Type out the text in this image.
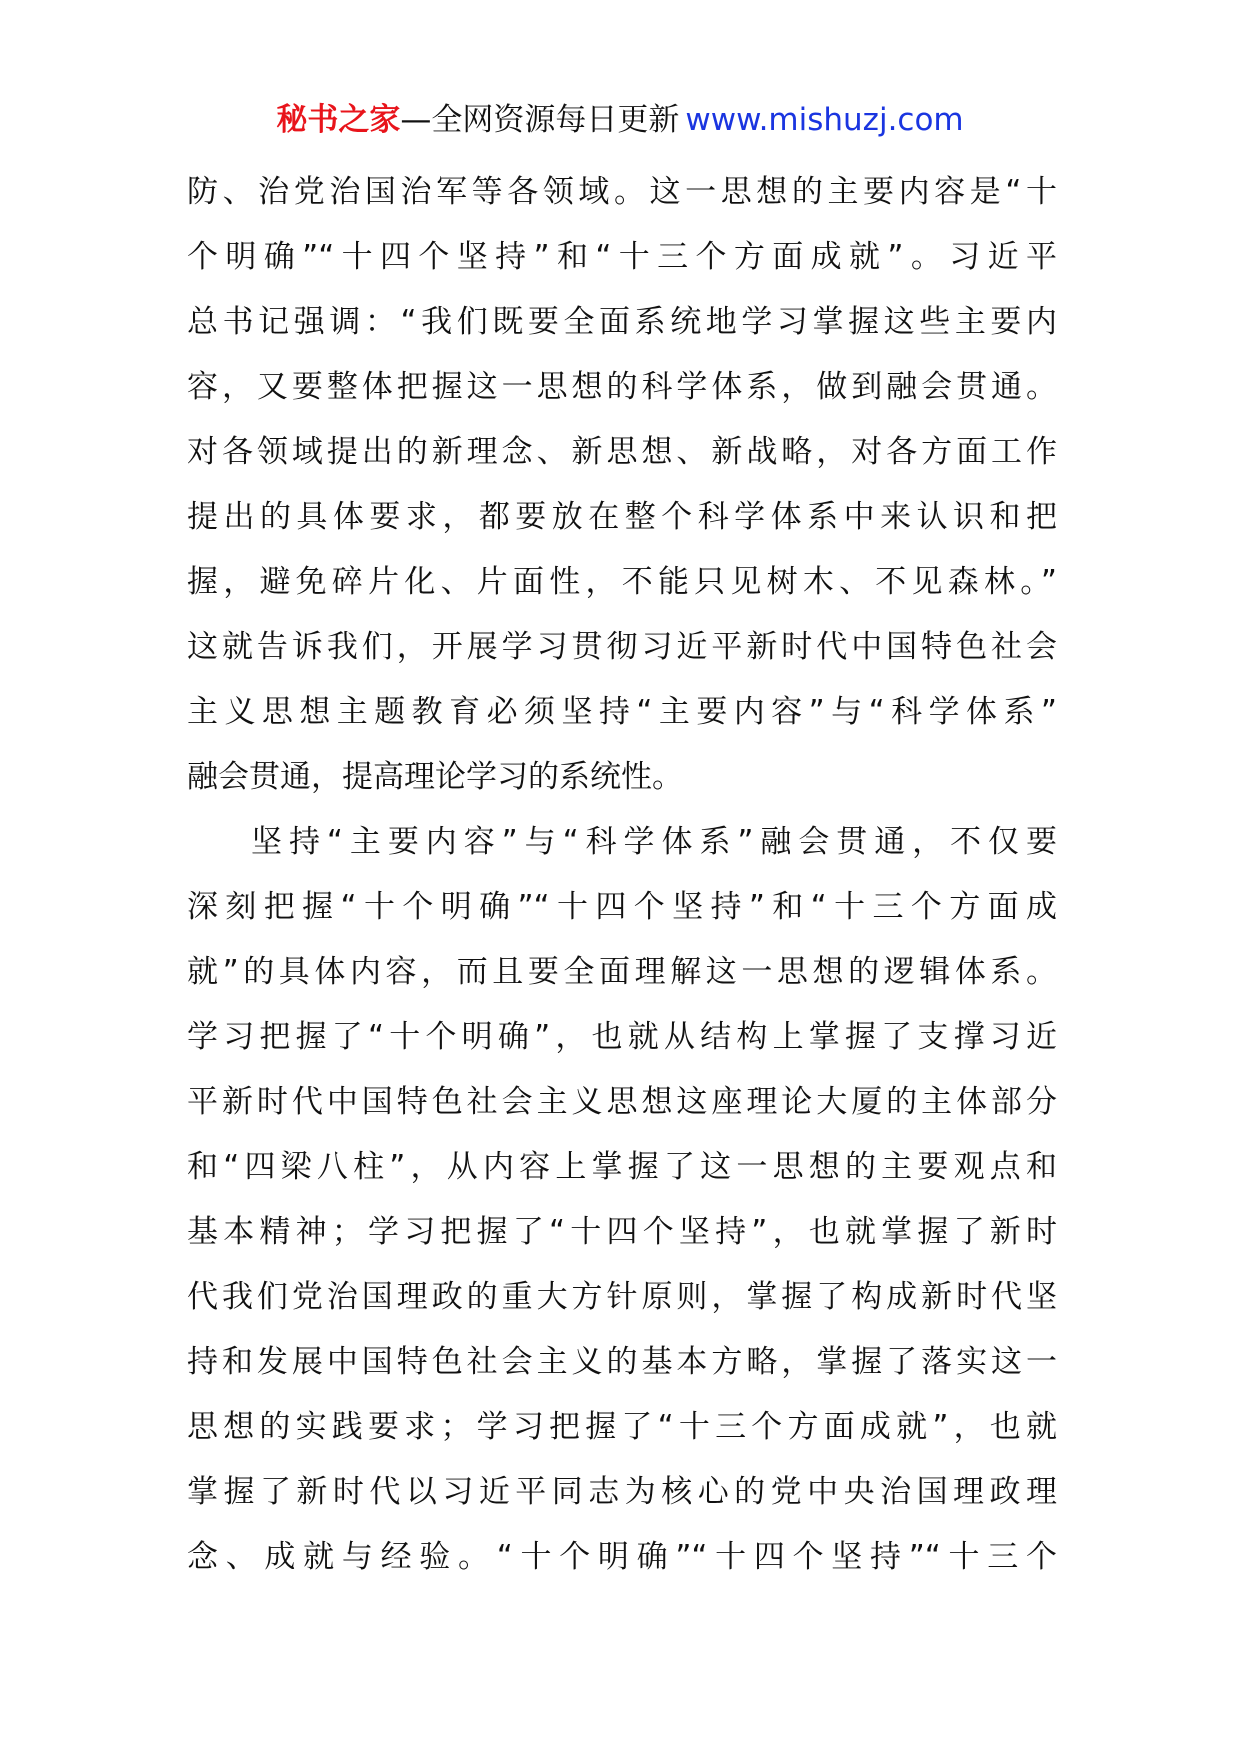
秘书之家—全网资源每日更新 www.mishuzj.com
防、治党治国治军等各领域。这一思想的主要内容是“十
个明确”“十四个坚持”和“十三个方面成就”。习近平
总书记强调：“我们既要全面系统地学习掌握这些主要内
容，又要整体把握这一思想的科学体系，做到融会贯通。
对各领域提出的新理念、新思想、新战略，对各方面工作
提出的具体要求，都要放在整个科学体系中来认识和把
握，避免碎片化、片面性，不能只见树木、不见森林。”
这就告诉我们，开展学习贯彻习近平新时代中国特色社会
主义思想主题教育必须坚持“主要内容”与“科学体系”
融会贯通，提高理论学习的系统性。
坚持“主要内容”与“科学体系”融会贯通，不仅要
深刻把握“十个明确”“十四个坚持”和“十三个方面成
就”的具体内容，而且要全面理解这一思想的逻辑体系。
学习把握了“十个明确”，也就从结构上掌握了支撑习近
平新时代中国特色社会主义思想这座理论大厦的主体部分
和“四梁八柱”，从内容上掌握了这一思想的主要观点和
基本精神；学习把握了“十四个坚持”，也就掌握了新时
代我们党治国理政的重大方针原则，掌握了构成新时代坚
持和发展中国特色社会主义的基本方略，掌握了落实这一
思想的实践要求；学习把握了“十三个方面成就”，也就
掌握了新时代以习近平同志为核心的党中央治国理政理
念、成就与经验。“十个明确”“十四个坚持”“十三个
